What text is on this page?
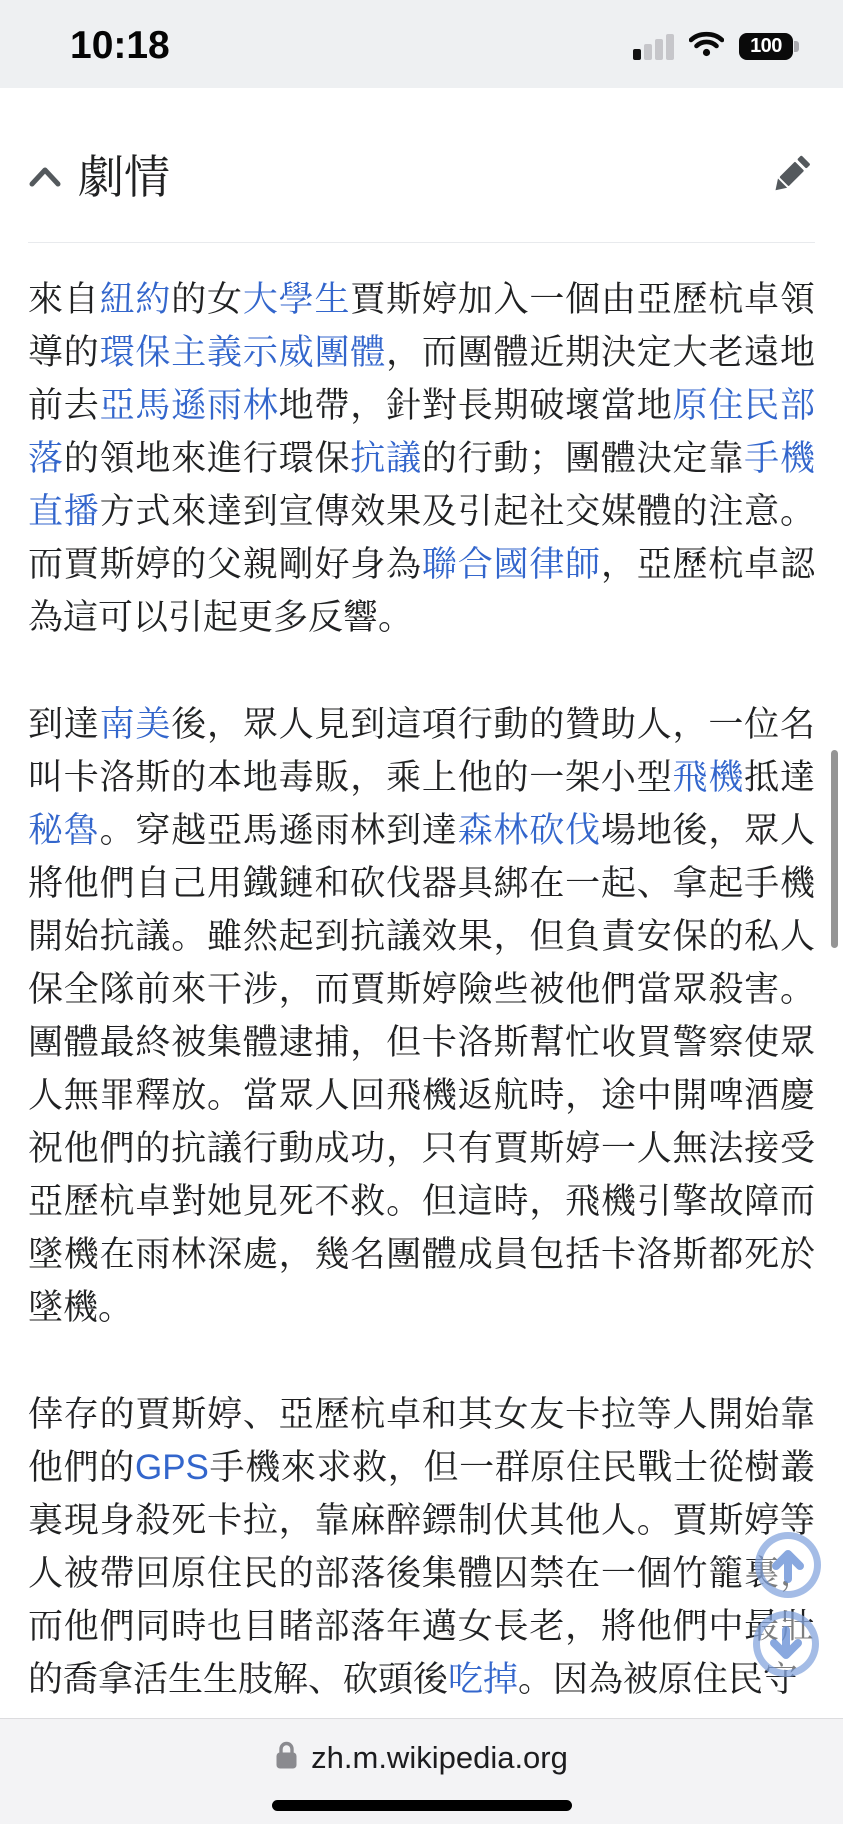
10:18	100
劇情

來自紐約的女大學生賈斯婷加入一個由亞歷杭卓領導的環保主義示威團體，而團體近期決定大老遠地前去亞馬遜雨林地帶，針對長期破壞當地原住民部落的領地來進行環保抗議的行動；團體決定靠手機直播方式來達到宣傳效果及引起社交媒體的注意。而賈斯婷的父親剛好身為聯合國律師，亞歷杭卓認為這可以引起更多反響。

到達南美後，眾人見到這項行動的贊助人，一位名叫卡洛斯的本地毒販，乘上他的一架小型飛機抵達秘魯。穿越亞馬遜雨林到達森林砍伐場地後，眾人將他們自己用鐵鏈和砍伐器具綁在一起、拿起手機開始抗議。雖然起到抗議效果，但負責安保的私人保全隊前來干涉，而賈斯婷險些被他們當眾殺害。團體最終被集體逮捕，但卡洛斯幫忙收買警察使眾人無罪釋放。當眾人回飛機返航時，途中開啤酒慶祝他們的抗議行動成功，只有賈斯婷一人無法接受亞歷杭卓對她見死不救。但這時，飛機引擎故障而墜機在雨林深處，幾名團體成員包括卡洛斯都死於墜機。

倖存的賈斯婷、亞歷杭卓和其女友卡拉等人開始靠他們的GPS手機來求救，但一群原住民戰士從樹叢裏現身殺死卡拉，靠麻醉鏢制伏其他人。賈斯婷等人被帶回原住民的部落後集體囚禁在一個竹籠裏，而他們同時也目睹部落年邁女長老，將他們中最壯的喬拿活生生肢解、砍頭後吃掉。因為被原住民守

zh.m.wikipedia.org
